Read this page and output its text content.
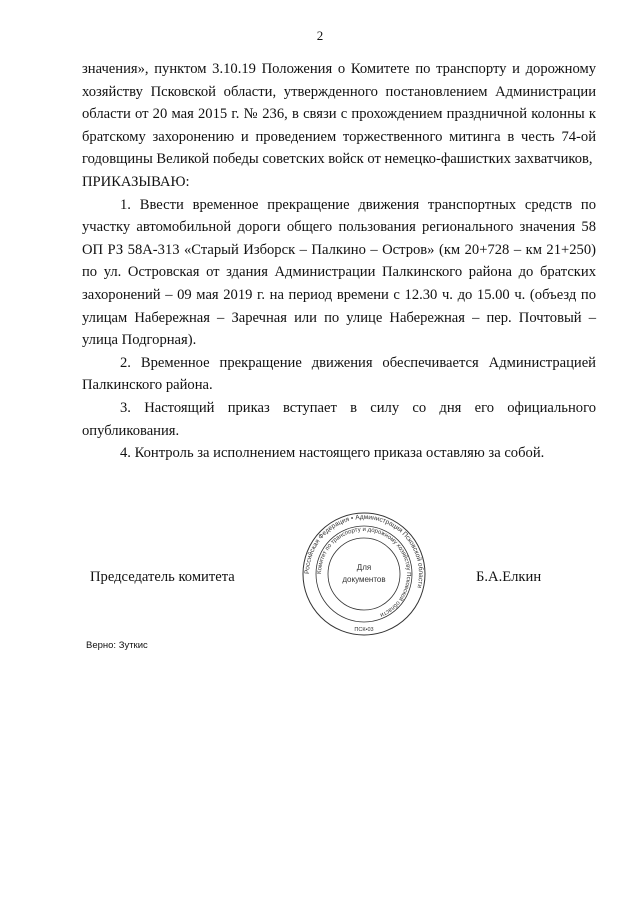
2

значения», пунктом 3.10.19 Положения о Комитете по транспорту и дорожному хозяйству Псковской области, утвержденного постановлением Администрации области от 20 мая 2015 г. № 236, в связи с прохождением праздничной колонны к братскому захоронению и проведением торжественного митинга в честь 74-ой годовщины Великой победы советских войск от немецко-фашистких захватчиков,

ПРИКАЗЫВАЮ:

1. Ввести временное прекращение движения транспортных средств по участку автомобильной дороги общего пользования регионального значения 58 ОП РЗ 58А-313 «Старый Изборск – Палкино – Остров» (км 20+728 – км 21+250) по ул. Островская от здания Администрации Палкинского района до братских захоронений – 09 мая 2019 г. на период времени с 12.30 ч. до 15.00 ч. (объезд по улицам Набережная – Заречная или по улице Набережная – пер. Почтовый – улица Подгорная).

2. Временное прекращение движения обеспечивается Администрацией Палкинского района.

3. Настоящий приказ вступает в силу со дня его официального опубликования.

4. Контроль за исполнением настоящего приказа оставляю за собой.

Председатель комитета	Российская Федерация • Администрация Псковской области
Комитет по транспорту и дорожному хозяйству Псковской области
Для
документов
ПСК•03
Б.А.Елкин
Верно: Зуткис
